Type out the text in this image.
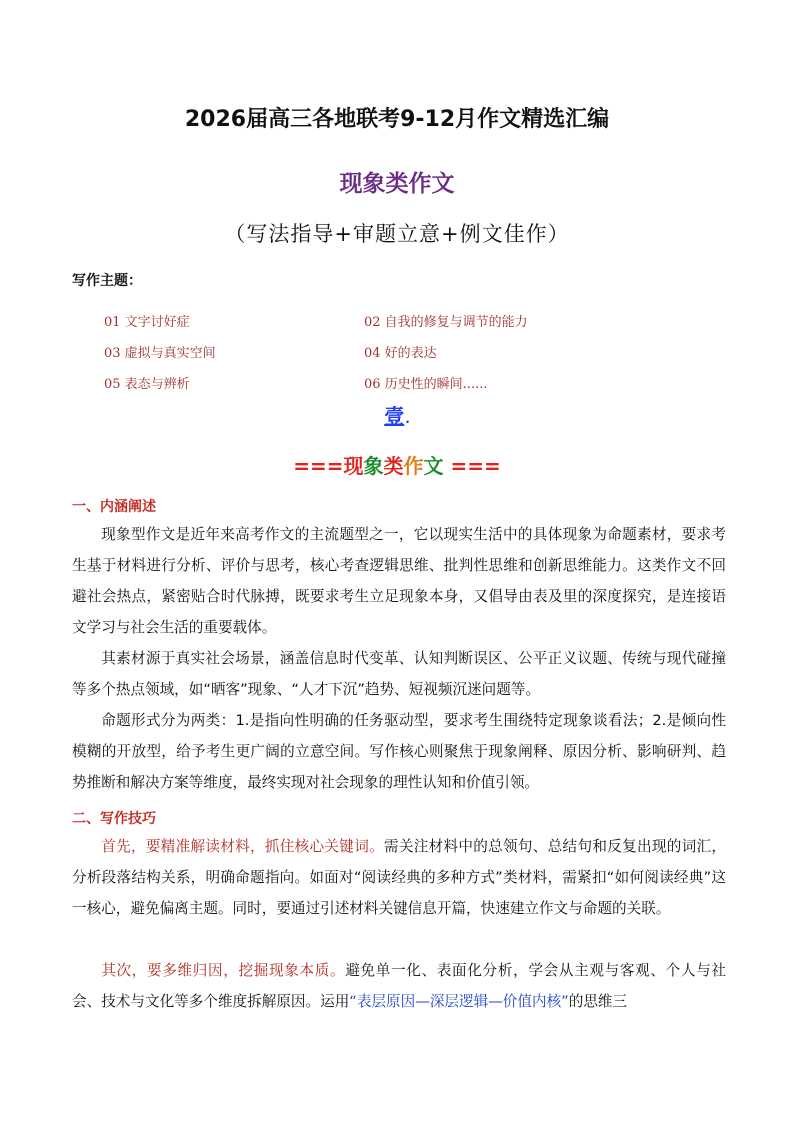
2026届高三各地联考9-12月作文精选汇编
现象类作文
（写法指导+审题立意+例文佳作）
写作主题：
01 文字讨好症	02 自我的修复与调节的能力
03 虚拟与真实空间	04 好的表达
05 表态与辨析	06 历史性的瞬间......
壹.
===现象类作文 ===
一、内涵阐述
现象型作文是近年来高考作文的主流题型之一，它以现实生活中的具体现象为命题素材，要求考生基于材料进行分析、评价与思考，核心考查逻辑思维、批判性思维和创新思维能力。这类作文不回避社会热点，紧密贴合时代脉搏，既要求考生立足现象本身，又倡导由表及里的深度探究，是连接语文学习与社会生活的重要载体。
其素材源于真实社会场景，涵盖信息时代变革、认知判断误区、公平正义议题、传统与现代碰撞等多个热点领域，如“晒客”现象、“人才下沉”趋势、短视频沉迷问题等。
命题形式分为两类：1.是指向性明确的任务驱动型，要求考生围绕特定现象谈看法；2.是倾向性模糊的开放型，给予考生更广阔的立意空间。写作核心则聚焦于现象阐释、原因分析、影响研判、趋势推断和解决方案等维度，最终实现对社会现象的理性认知和价值引领。
二、写作技巧
首先，要精准解读材料，抓住核心关键词。需关注材料中的总领句、总结句和反复出现的词汇，分析段落结构关系，明确命题指向。如面对“阅读经典的多种方式”类材料，需紧扣“如何阅读经典”这一核心，避免偏离主题。同时，要通过引述材料关键信息开篇，快速建立作文与命题的关联。
其次，要多维归因，挖掘现象本质。避免单一化、表面化分析，学会从主观与客观、个人与社会、技术与文化等多个维度拆解原因。运用“表层原因—深层逻辑—价值内核”的思维三
